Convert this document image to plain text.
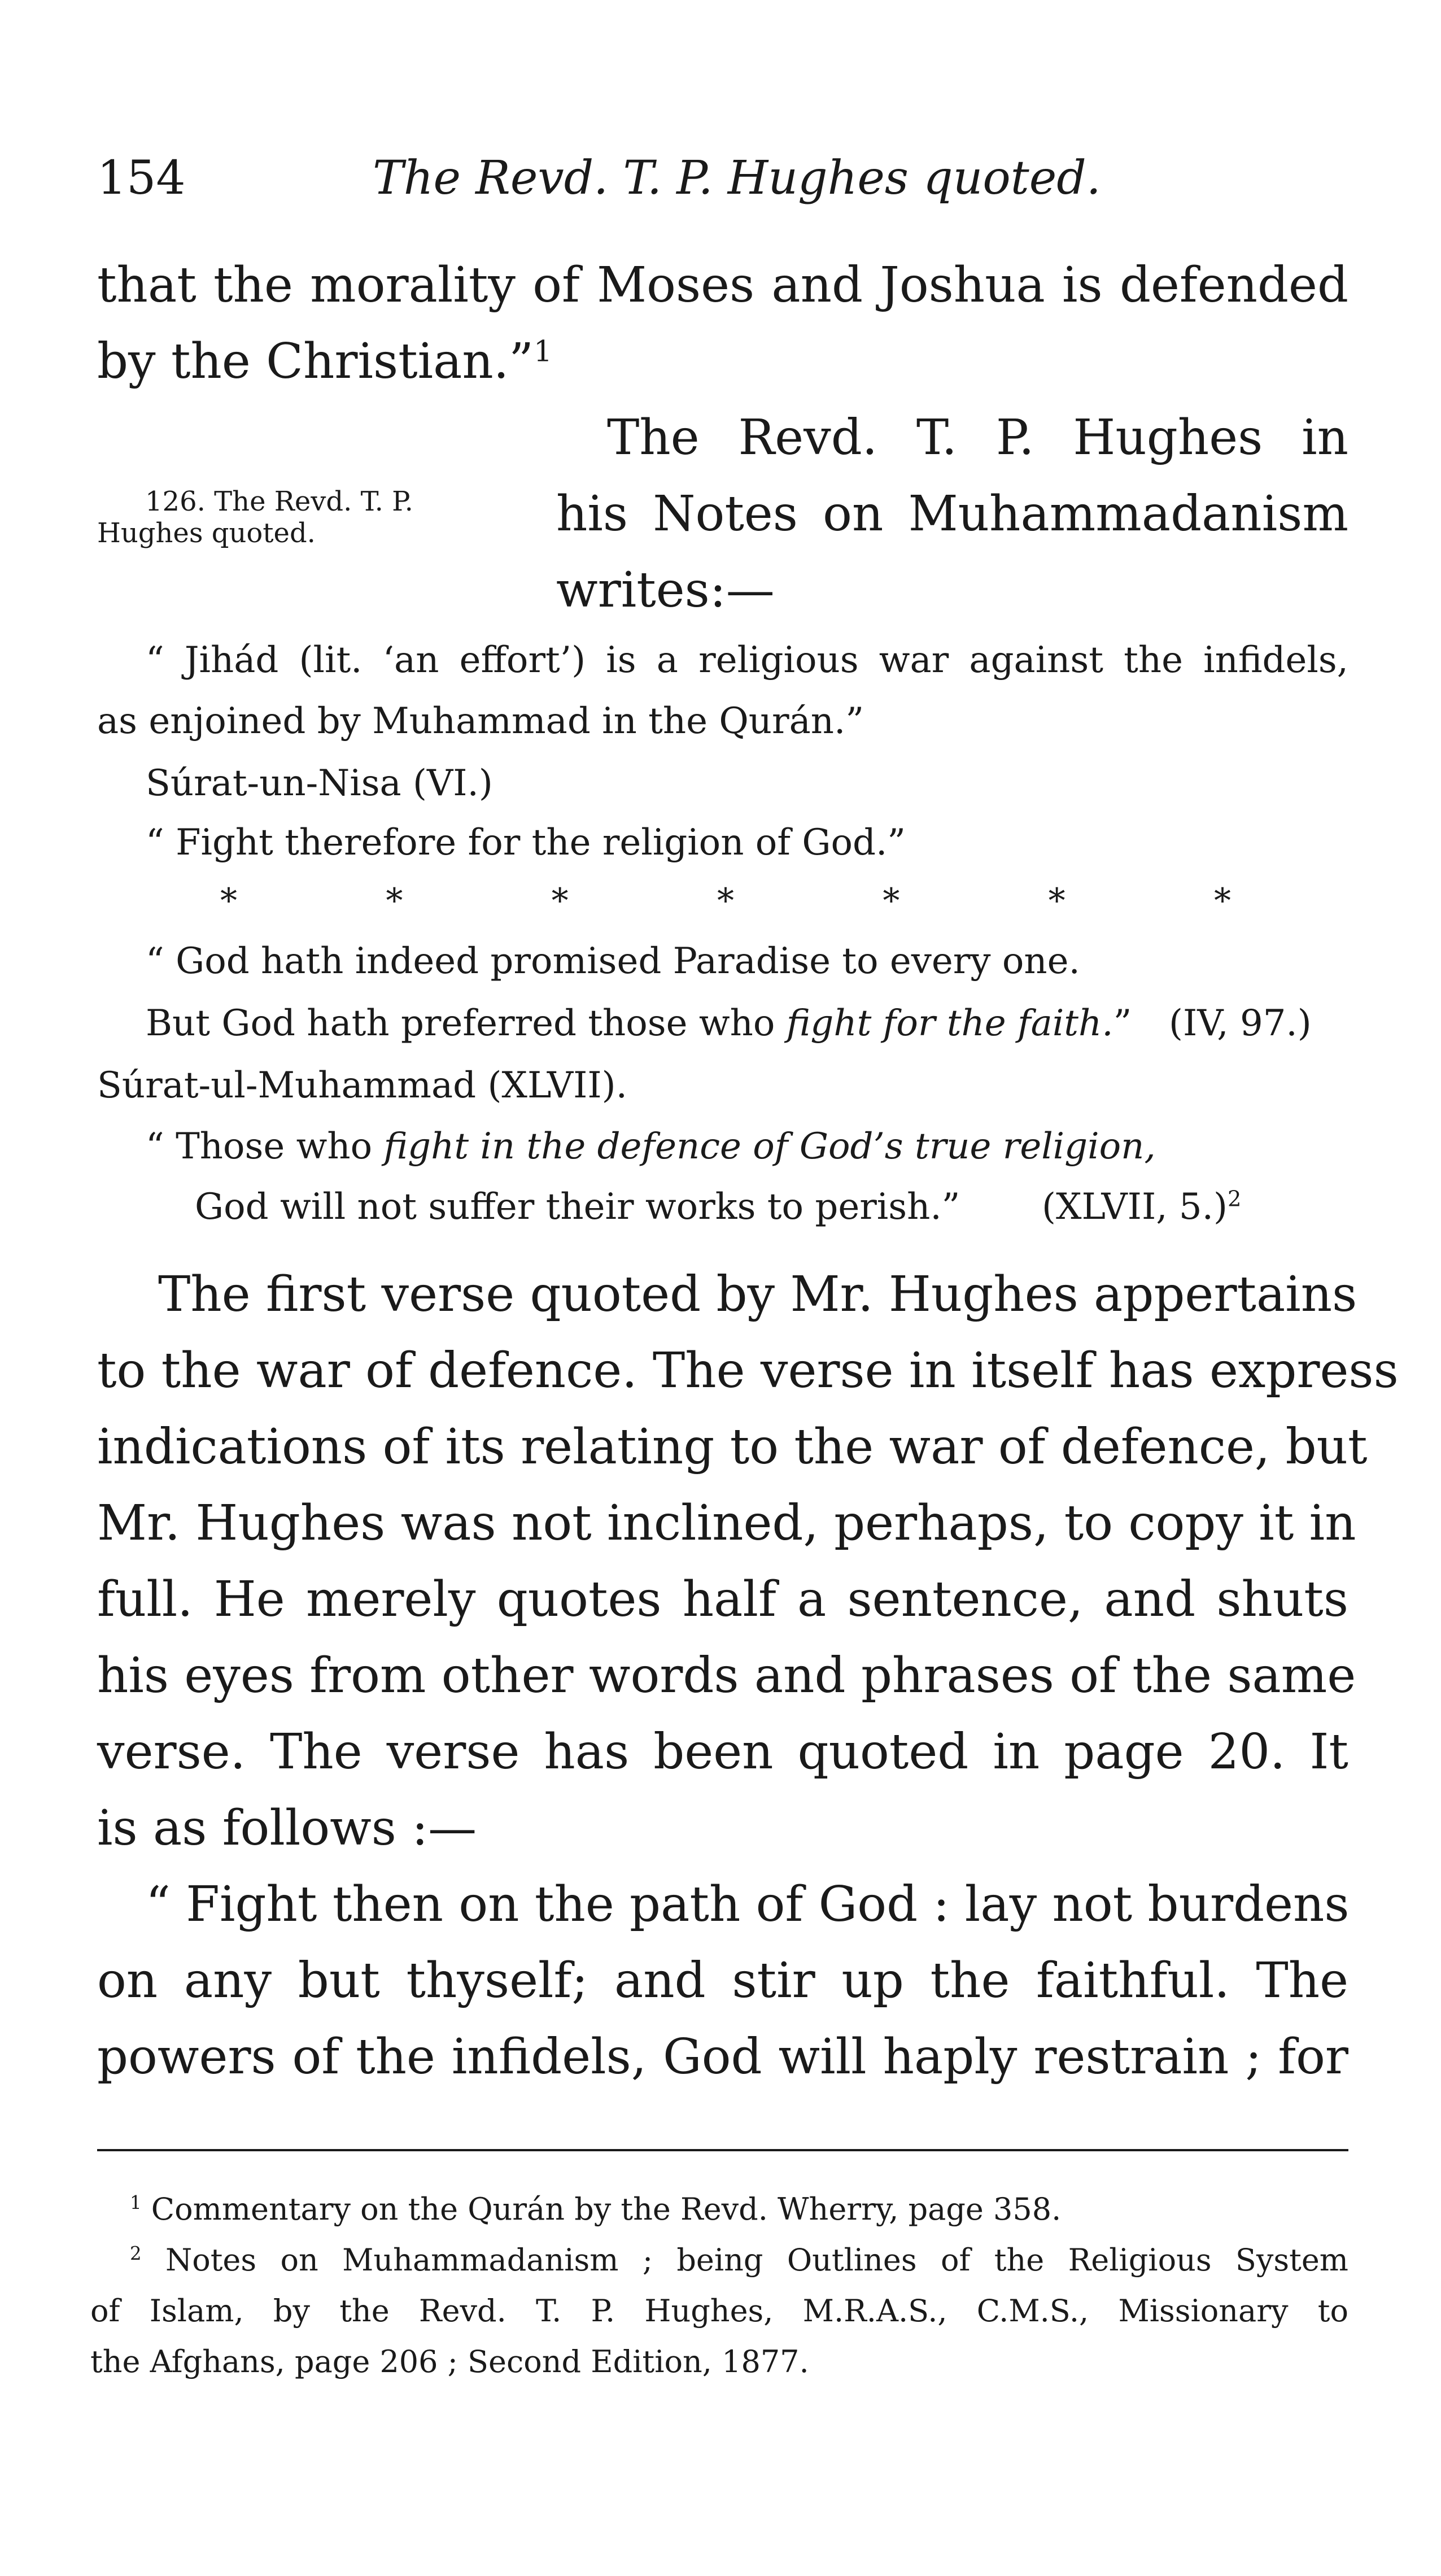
154	The Revd. T. P. Hughes quoted.
that the morality of Moses and Joshua is defended
by the Christian.”$^1$
The Revd. T. P. Hughes in
his Notes on Muhammadanism
writes:—
126. The Revd. T. P.
Hughes quoted.
“ Jihád (lit. ‘an effort’) is a religious war against the infidels,
as enjoined by Muhammad in the Qurán.”
Súrat-un-Nisa (VI.)
“ Fight therefore for the religion of God.”
*	*	*	*	*	*	*
“ God hath indeed promised Paradise to every one.
But God hath preferred those who fight for the faith.” (IV, 97.)
Súrat-ul-Muhammad (XLVII).
“ Those who fight in the defence of God’s true religion,
God will not suffer their works to perish.” (XLVII, 5.)$^2$
The first verse quoted by Mr. Hughes appertains
to the war of defence. The verse in itself has express
indications of its relating to the war of defence, but
Mr. Hughes was not inclined, perhaps, to copy it in
full. He merely quotes half a sentence, and shuts
his eyes from other words and phrases of the same
verse. The verse has been quoted in page 20. It
is as follows :—
“ Fight then on the path of God : lay not burdens
on any but thyself; and stir up the faithful. The
powers of the infidels, God will haply restrain ; for
$^1$ Commentary on the Qurán by the Revd. Wherry, page 358.
$^2$ Notes on Muhammadanism ; being Outlines of the Religious System
of Islam, by the Revd. T. P. Hughes, M.R.A.S., C.M.S., Missionary to
the Afghans, page 206 ; Second Edition, 1877.
